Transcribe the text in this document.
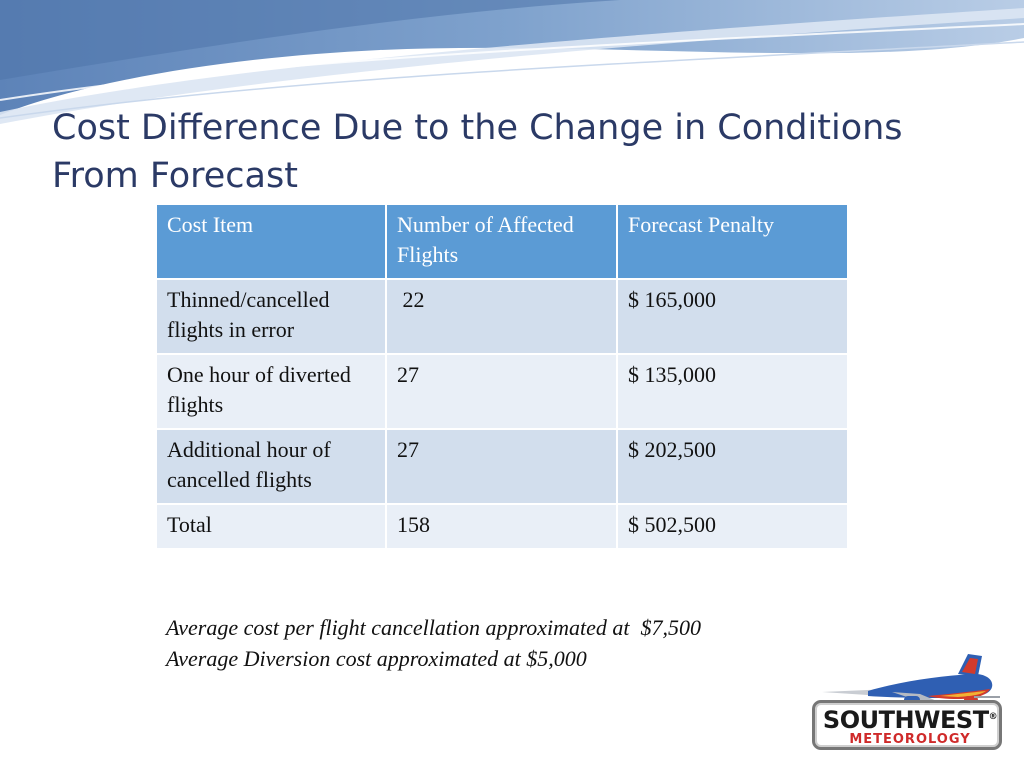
Cost Difference Due to the Change in Conditions
From Forecast
Cost Item	Number of Affected Flights	Forecast Penalty
Thinned/cancelled flights in error	22	$ 165,000
One hour of diverted flights	27	$ 135,000
Additional hour of cancelled flights	27	$ 202,500
Total	158	$ 502,500
Average cost per flight cancellation approximated at  $7,500
Average Diversion cost approximated at $5,000
SOUTHWEST®
METEOROLOGY
